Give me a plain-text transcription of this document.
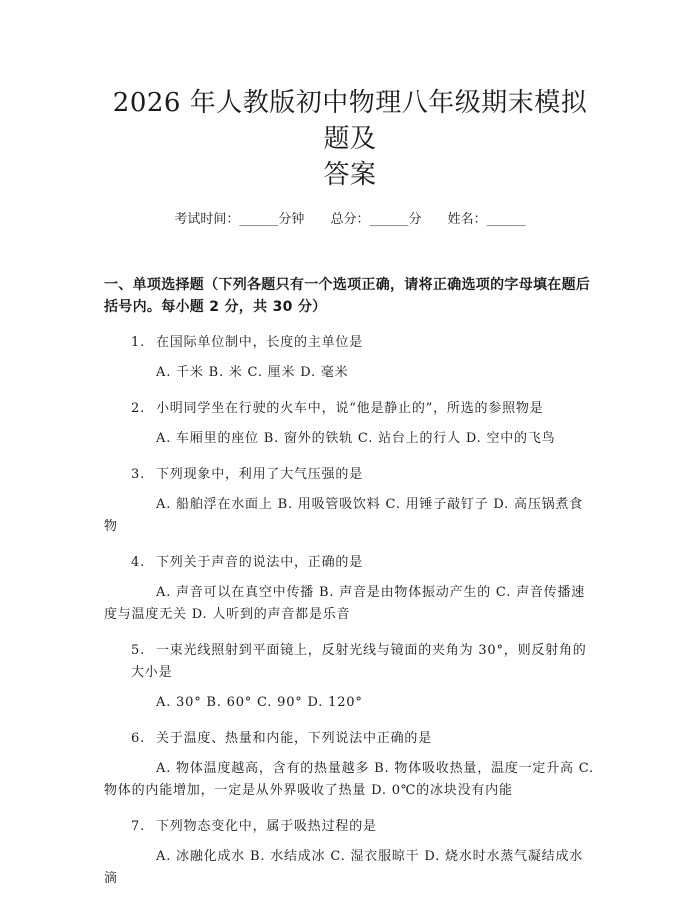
2026 年人教版初中物理八年级期末模拟题及
答案
考试时间：______分钟 总分：______分 姓名：______
一、单项选择题（下列各题只有一个选项正确，请将正确选项的字母填在题后括号内。每小题 2 分，共 30 分）
1. 在国际单位制中，长度的主单位是
A. 千米 B. 米 C. 厘米 D. 毫米
2. 小明同学坐在行驶的火车中，说“他是静止的”，所选的参照物是
A. 车厢里的座位 B. 窗外的铁轨 C. 站台上的行人 D. 空中的飞鸟
3. 下列现象中，利用了大气压强的是
A. 船舶浮在水面上 B. 用吸管吸饮料 C. 用锤子敲钉子 D. 高压锅煮食物
4. 下列关于声音的说法中，正确的是
A. 声音可以在真空中传播 B. 声音是由物体振动产生的 C. 声音传播速度与温度无关 D. 人听到的声音都是乐音
5. 一束光线照射到平面镜上，反射光线与镜面的夹角为 30°，则反射角的大小是
A. 30° B. 60° C. 90° D. 120°
6. 关于温度、热量和内能，下列说法中正确的是
A. 物体温度越高，含有的热量越多 B. 物体吸收热量，温度一定升高 C. 物体的内能增加，一定是从外界吸收了热量 D. 0℃的冰块没有内能
7. 下列物态变化中，属于吸热过程的是
A. 冰融化成水 B. 水结成冰 C. 湿衣服晾干 D. 烧水时水蒸气凝结成水滴
